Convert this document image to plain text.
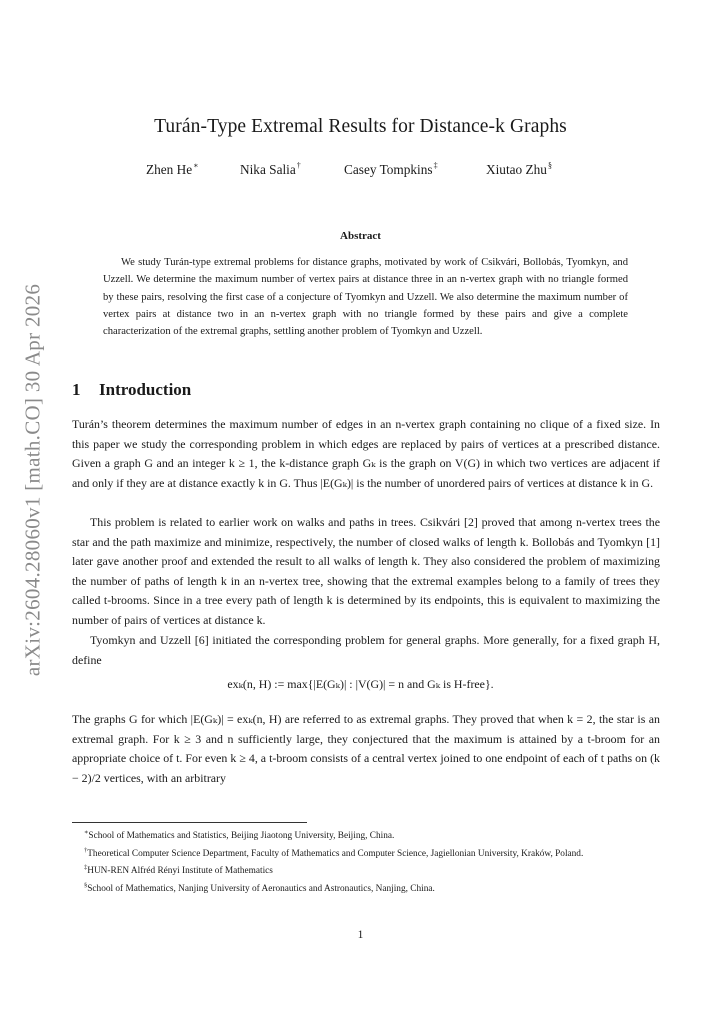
arXiv:2604.28060v1 [math.CO] 30 Apr 2026
Turán-Type Extremal Results for Distance-k Graphs
Zhen He∗	Nika Salia†	Casey Tompkins‡	Xiutao Zhu§
Abstract

We study Turán-type extremal problems for distance graphs, motivated by work of Csikvári, Bollobás, Tyomkyn, and Uzzell. We determine the maximum number of vertex pairs at distance three in an n-vertex graph with no triangle formed by these pairs, resolving the first case of a conjecture of Tyomkyn and Uzzell. We also determine the maximum number of vertex pairs at distance two in an n-vertex graph with no triangle formed by these pairs and give a complete characterization of the extremal graphs, settling another problem of Tyomkyn and Uzzell.

1 Introduction

Turán’s theorem determines the maximum number of edges in an n-vertex graph containing no clique of a fixed size. In this paper we study the corresponding problem in which edges are replaced by pairs of vertices at a prescribed distance. Given a graph G and an integer k ≥ 1, the k-distance graph Gₖ is the graph on V(G) in which two vertices are adjacent if and only if they are at distance exactly k in G. Thus |E(Gₖ)| is the number of unordered pairs of vertices at distance k in G.

This problem is related to earlier work on walks and paths in trees. Csikvári [2] proved that among n-vertex trees the star and the path maximize and minimize, respectively, the number of closed walks of length k. Bollobás and Tyomkyn [1] later gave another proof and extended the result to all walks of length k. They also considered the problem of maximizing the number of paths of length k in an n-vertex tree, showing that the extremal examples belong to a family of trees they called t-brooms. Since in a tree every path of length k is determined by its endpoints, this is equivalent to maximizing the number of pairs of vertices at distance k.

Tyomkyn and Uzzell [6] initiated the corresponding problem for general graphs. More generally, for a fixed graph H, define

exₖ(n, H) := max{|E(Gₖ)| : |V(G)| = n and Gₖ is H-free}.

The graphs G for which |E(Gₖ)| = exₖ(n, H) are referred to as extremal graphs. They proved that when k = 2, the star is an extremal graph. For k ≥ 3 and n sufficiently large, they conjectured that the maximum is attained by a t-broom for an appropriate choice of t. For even k ≥ 4, a t-broom consists of a central vertex joined to one endpoint of each of t paths on (k − 2)/2 vertices, with an arbitrary

∗School of Mathematics and Statistics, Beijing Jiaotong University, Beijing, China.

†Theoretical Computer Science Department, Faculty of Mathematics and Computer Science, Jagiellonian University, Kraków, Poland.

‡HUN-REN Alfréd Rényi Institute of Mathematics

§School of Mathematics, Nanjing University of Aeronautics and Astronautics, Nanjing, China.

1
